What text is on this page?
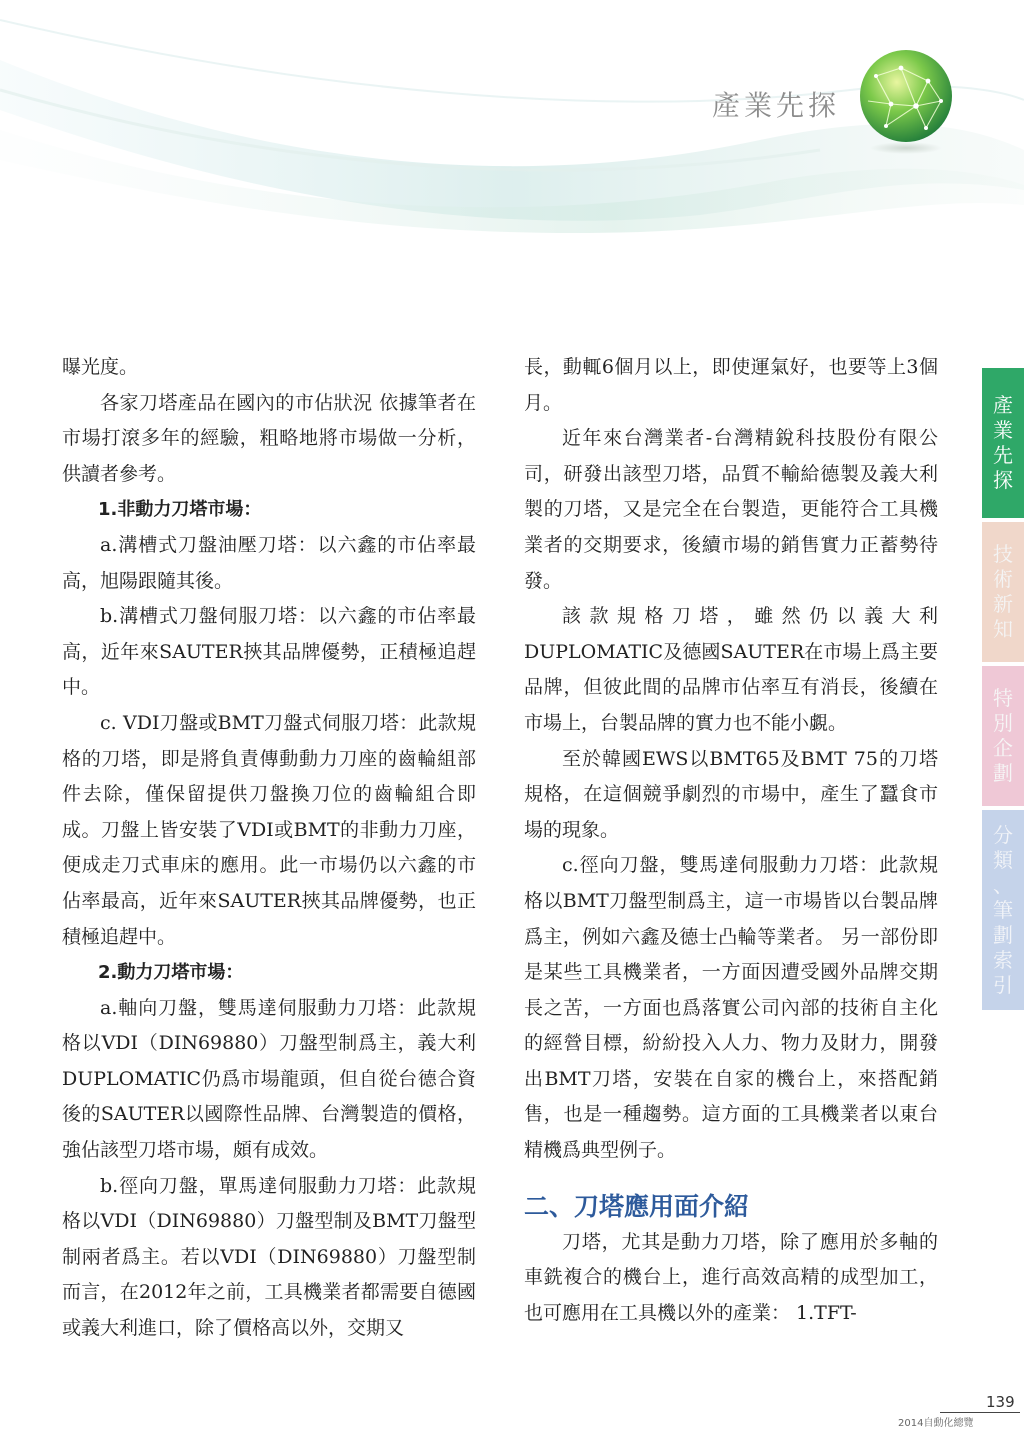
產業先探

曝光度。

各家刀塔產品在國內的市佔狀況 依據筆者在市場打滾多年的經驗，粗略地將市場做一分析，供讀者參考。

1.非動力刀塔市場：

a.溝槽式刀盤油壓刀塔：以六鑫的市佔率最高，旭陽跟隨其後。

b.溝槽式刀盤伺服刀塔：以六鑫的市佔率最高，近年來SAUTER挾其品牌優勢，正積極追趕中。

c. VDI刀盤或BMT刀盤式伺服刀塔：此款規格的刀塔，即是將負責傳動動力刀座的齒輪組部件去除，僅保留提供刀盤換刀位的齒輪組合即成。刀盤上皆安裝了VDI或BMT的非動力刀座，便成走刀式車床的應用。此一市場仍以六鑫的市佔率最高，近年來SAUTER挾其品牌優勢，也正積極追趕中。

2.動力刀塔市場：

a.軸向刀盤，雙馬達伺服動力刀塔：此款規格以VDI（DIN69880）刀盤型制爲主，義大利DUPLOMATIC仍爲市場龍頭，但自從台德合資後的SAUTER以國際性品牌、台灣製造的價格，強佔該型刀塔市場，頗有成效。

b.徑向刀盤，單馬達伺服動力刀塔：此款規格以VDI（DIN69880）刀盤型制及BMT刀盤型制兩者爲主。若以VDI（DIN69880）刀盤型制而言，在2012年之前，工具機業者都需要自德國或義大利進口，除了價格高以外，交期又

長，動輒6個月以上，即使運氣好，也要等上3個月。

近年來台灣業者-台灣精銳科技股份有限公司，研發出該型刀塔，品質不輸給德製及義大利製的刀塔，又是完全在台製造，更能符合工具機業者的交期要求，後續市場的銷售實力正蓄勢待發。

該款規格刀塔，雖然仍以義大利DUPLOMATIC及德國SAUTER在市場上爲主要品牌，但彼此間的品牌市佔率互有消長，後續在市場上，台製品牌的實力也不能小覷。

至於韓國EWS以BMT65及BMT 75的刀塔規格，在這個競爭劇烈的市場中，產生了蠶食市場的現象。

c.徑向刀盤，雙馬達伺服動力刀塔：此款規格以BMT刀盤型制爲主，這一市場皆以台製品牌爲主，例如六鑫及德士凸輪等業者。 另一部份即是某些工具機業者，一方面因遭受國外品牌交期長之苦，一方面也爲落實公司內部的技術自主化的經營目標，紛紛投入人力、物力及財力，開發出BMT刀塔，安裝在自家的機台上，來搭配銷售，也是一種趨勢。這方面的工具機業者以東台精機爲典型例子。

二、刀塔應用面介紹

刀塔，尤其是動力刀塔，除了應用於多軸的車銑複合的機台上，進行高效高精的成型加工，也可應用在工具機以外的產業： 1.TFT-

產
業
先
探
技
術
新
知
特
別
企
劃
分
類
、
筆
劃
索
引
139
2014自動化總覽
